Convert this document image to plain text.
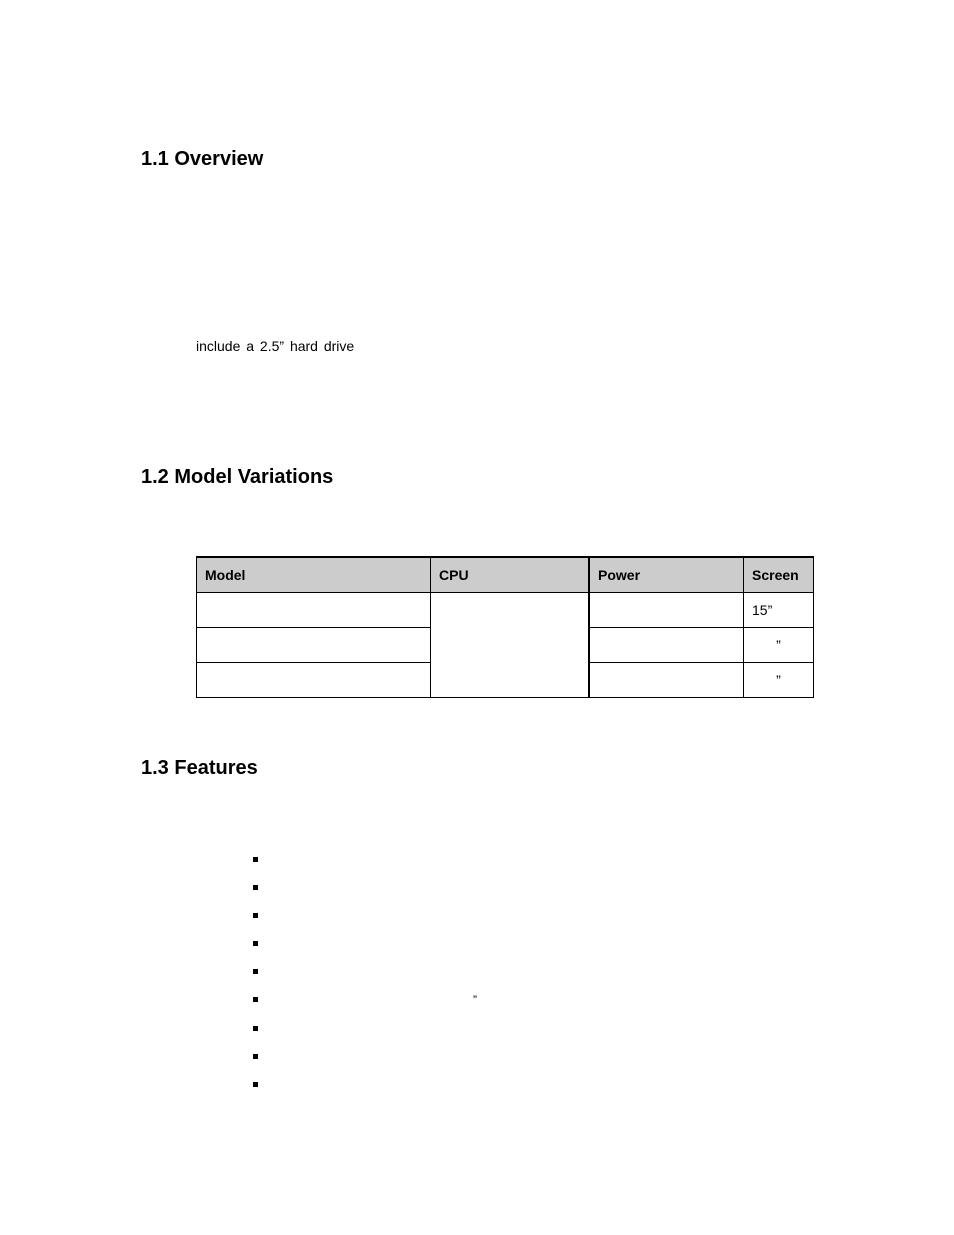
1.1 Overview
include a 2.5” hard drive
1.2 Model Variations
Model	CPU	Power	Screen
			15”
			”
			”
1.3 Features
”
